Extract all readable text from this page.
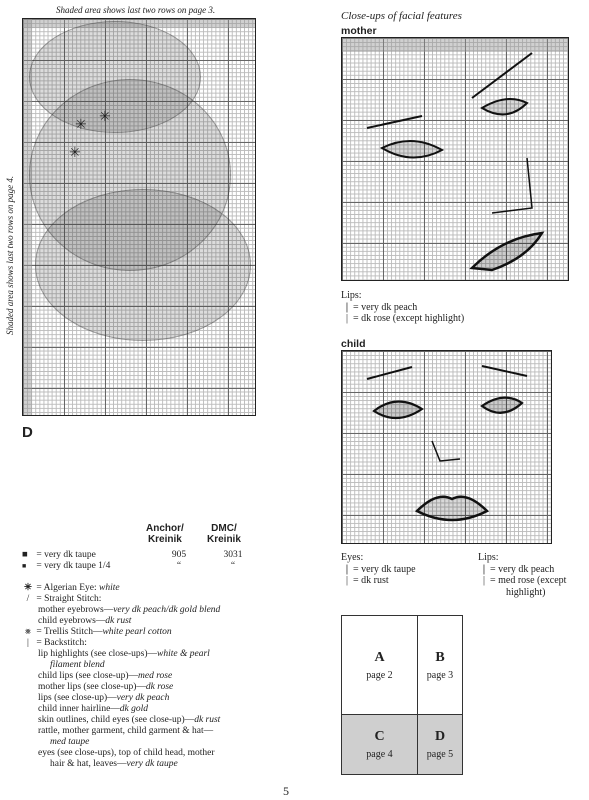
Shaded area shows last two rows on page 3.
✳
✳
✳
Shaded area shows last two rows on page 4.
D
Close-ups of facial features
mother
Lips:
| = very dk peach
| = dk rose (except highlight)
child
Eyes:
| = very dk taupe
| = dk rust
Lips:
| = very dk peach
| = med rose (except
highlight)
Anchor/
Kreinik
DMC/
Kreinik
■ = very dk taupe	905	3031
■ = very dk taupe 1/4	“	“
✳ = Algerian Eye: white
/ = Straight Stitch:
mother eyebrows—very dk peach/dk gold blend
child eyebrows—dk rust
⨳ = Trellis Stitch—white pearl cotton
| = Backstitch:
lip highlights (see close-ups)—white & pearl
filament blend
child lips (see close-up)—med rose
mother lips (see close-up)—dk rose
lips (see close-up)—very dk peach
child inner hairline—dk gold
skin outlines, child eyes (see close-up)—dk rust
rattle, mother garment, child garment & hat—
med taupe
eyes (see close-ups), top of child head, mother
hair & hat, leaves—very dk taupe
A
page 2
B
page 3
C
page 4
D
page 5
5
